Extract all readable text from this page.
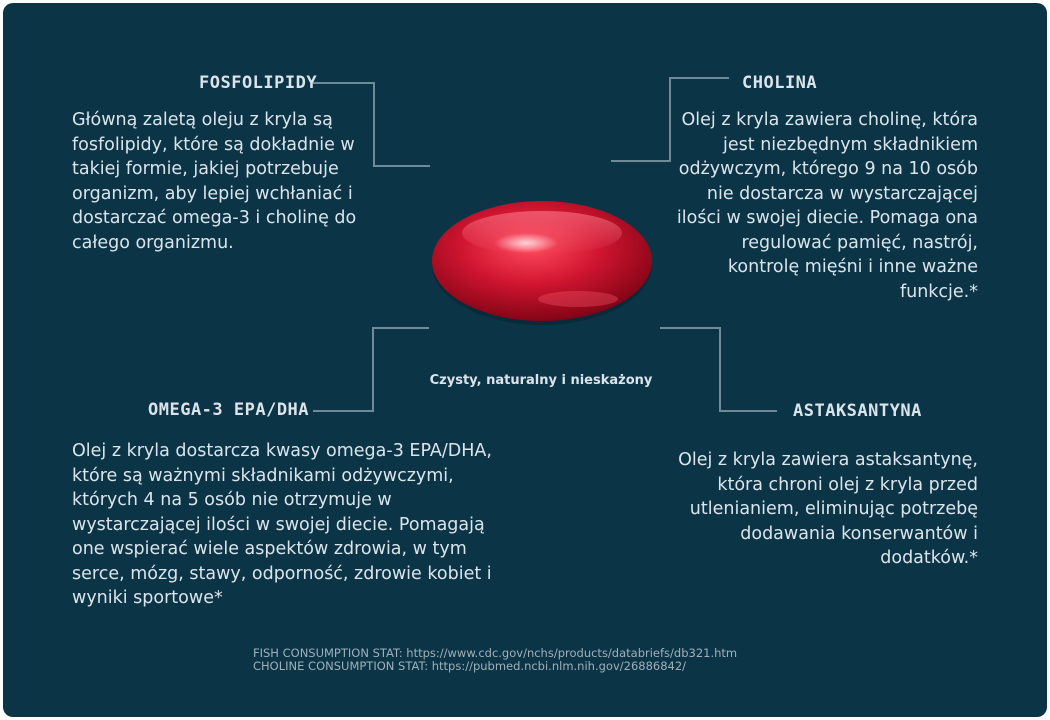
FOSFOLIPIDY
Główną zaletą oleju z kryla są fosfolipidy, które są dokładnie w takiej formie, jakiej potrzebuje organizm, aby lepiej wchłaniać i dostarczać omega-3 i cholinę do całego organizmu.
CHOLINA
Olej z kryla zawiera cholinę, która jest niezbędnym składnikiem odżywczym, którego 9 na 10 osób nie dostarcza w wystarczającej ilości w swojej diecie. Pomaga ona regulować pamięć, nastrój, kontrolę mięśni i inne ważne funkcje.*
OMEGA-3 EPA/DHA
Olej z kryla dostarcza kwasy omega-3 EPA/DHA, które są ważnymi składnikami odżywczymi, których 4 na 5 osób nie otrzymuje w wystarczającej ilości w swojej diecie. Pomagają one wspierać wiele aspektów zdrowia, w tym serce, mózg, stawy, odporność, zdrowie kobiet i wyniki sportowe*
ASTAKSANTYNA
Olej z kryla zawiera astaksantynę, która chroni olej z kryla przed utlenianiem, eliminując potrzebę dodawania konserwantów i dodatków.*
Czysty, naturalny i nieskażony
FISH CONSUMPTION STAT: https://www.cdc.gov/nchs/products/databriefs/db321.htm
CHOLINE CONSUMPTION STAT: https://pubmed.ncbi.nlm.nih.gov/26886842/
